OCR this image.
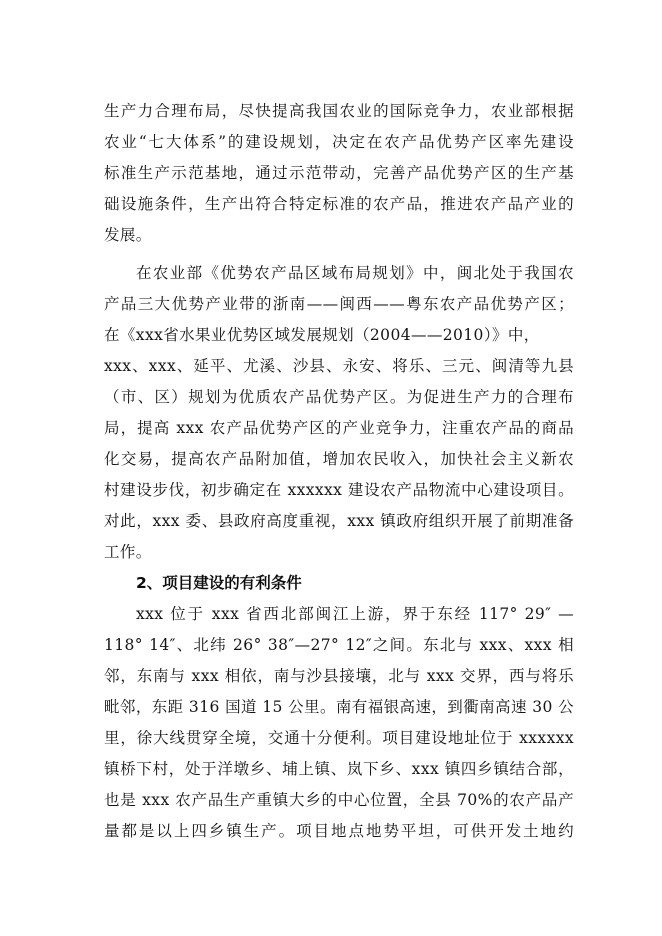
生产力合理布局，尽快提高我国农业的国际竞争力，农业部根据
农业“七大体系”的建设规划，决定在农产品优势产区率先建设
标准生产示范基地，通过示范带动，完善产品优势产区的生产基
础设施条件，生产出符合特定标准的农产品，推进农产品产业的
发展。
在农业部《优势农产品区域布局规划》中，闽北处于我国农
产品三大优势产业带的浙南——闽西——粤东农产品优势产区；
在《xxx省水果业优势区域发展规划（2004——2010）》中，
xxx、xxx、延平、尤溪、沙县、永安、将乐、三元、闽清等九县
（市、区）规划为优质农产品优势产区。为促进生产力的合理布
局，提高 xxx 农产品优势产区的产业竞争力，注重农产品的商品
化交易，提高农产品附加值，增加农民收入，加快社会主义新农
村建设步伐，初步确定在 xxxxxx 建设农产品物流中心建设项目。
对此，xxx 委、县政府高度重视，xxx 镇政府组织开展了前期准备
工作。
2、项目建设的有利条件
xxx 位于 xxx 省西北部闽江上游，界于东经 117° 29″ —
118° 14″、北纬 26° 38″—27° 12″之间。东北与 xxx、xxx 相
邻，东南与 xxx 相依，南与沙县接壤，北与 xxx 交界，西与将乐
毗邻，东距 316 国道 15 公里。南有福银高速，到衢南高速 30 公
里，徐大线贯穿全境，交通十分便利。项目建设地址位于 xxxxxx
镇桥下村，处于洋墩乡、埔上镇、岚下乡、xxx 镇四乡镇结合部，
也是 xxx 农产品生产重镇大乡的中心位置，全县 70%的农产品产
量都是以上四乡镇生产。项目地点地势平坦，可供开发土地约
